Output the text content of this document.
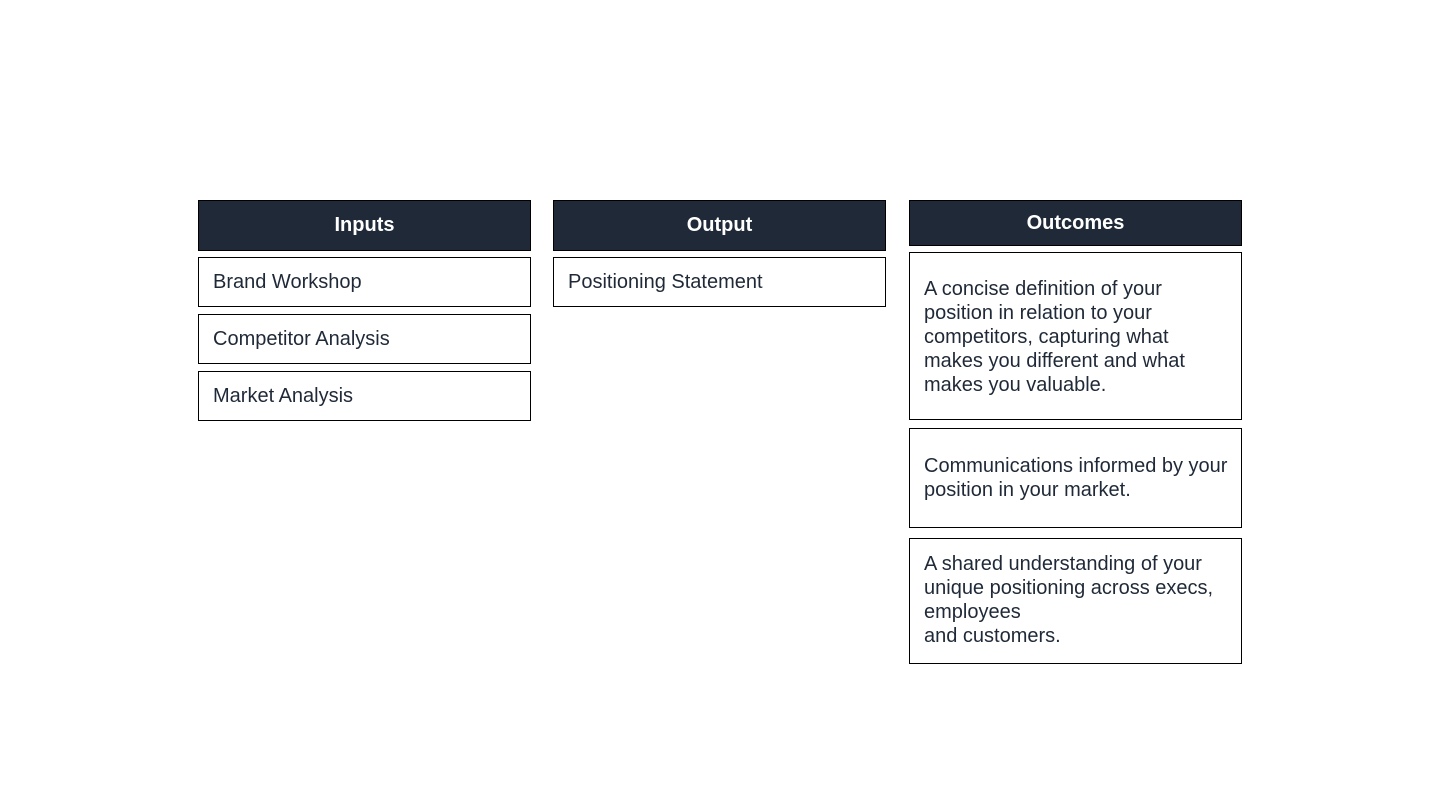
Inputs
Brand Workshop
Competitor Analysis
Market Analysis
Output
Positioning Statement
Outcomes
A concise definition of your position in relation to your competitors, capturing what makes you different and what makes you valuable.
Communications informed by your position in your market.
A shared understanding of your unique positioning across execs, employees
and customers.
